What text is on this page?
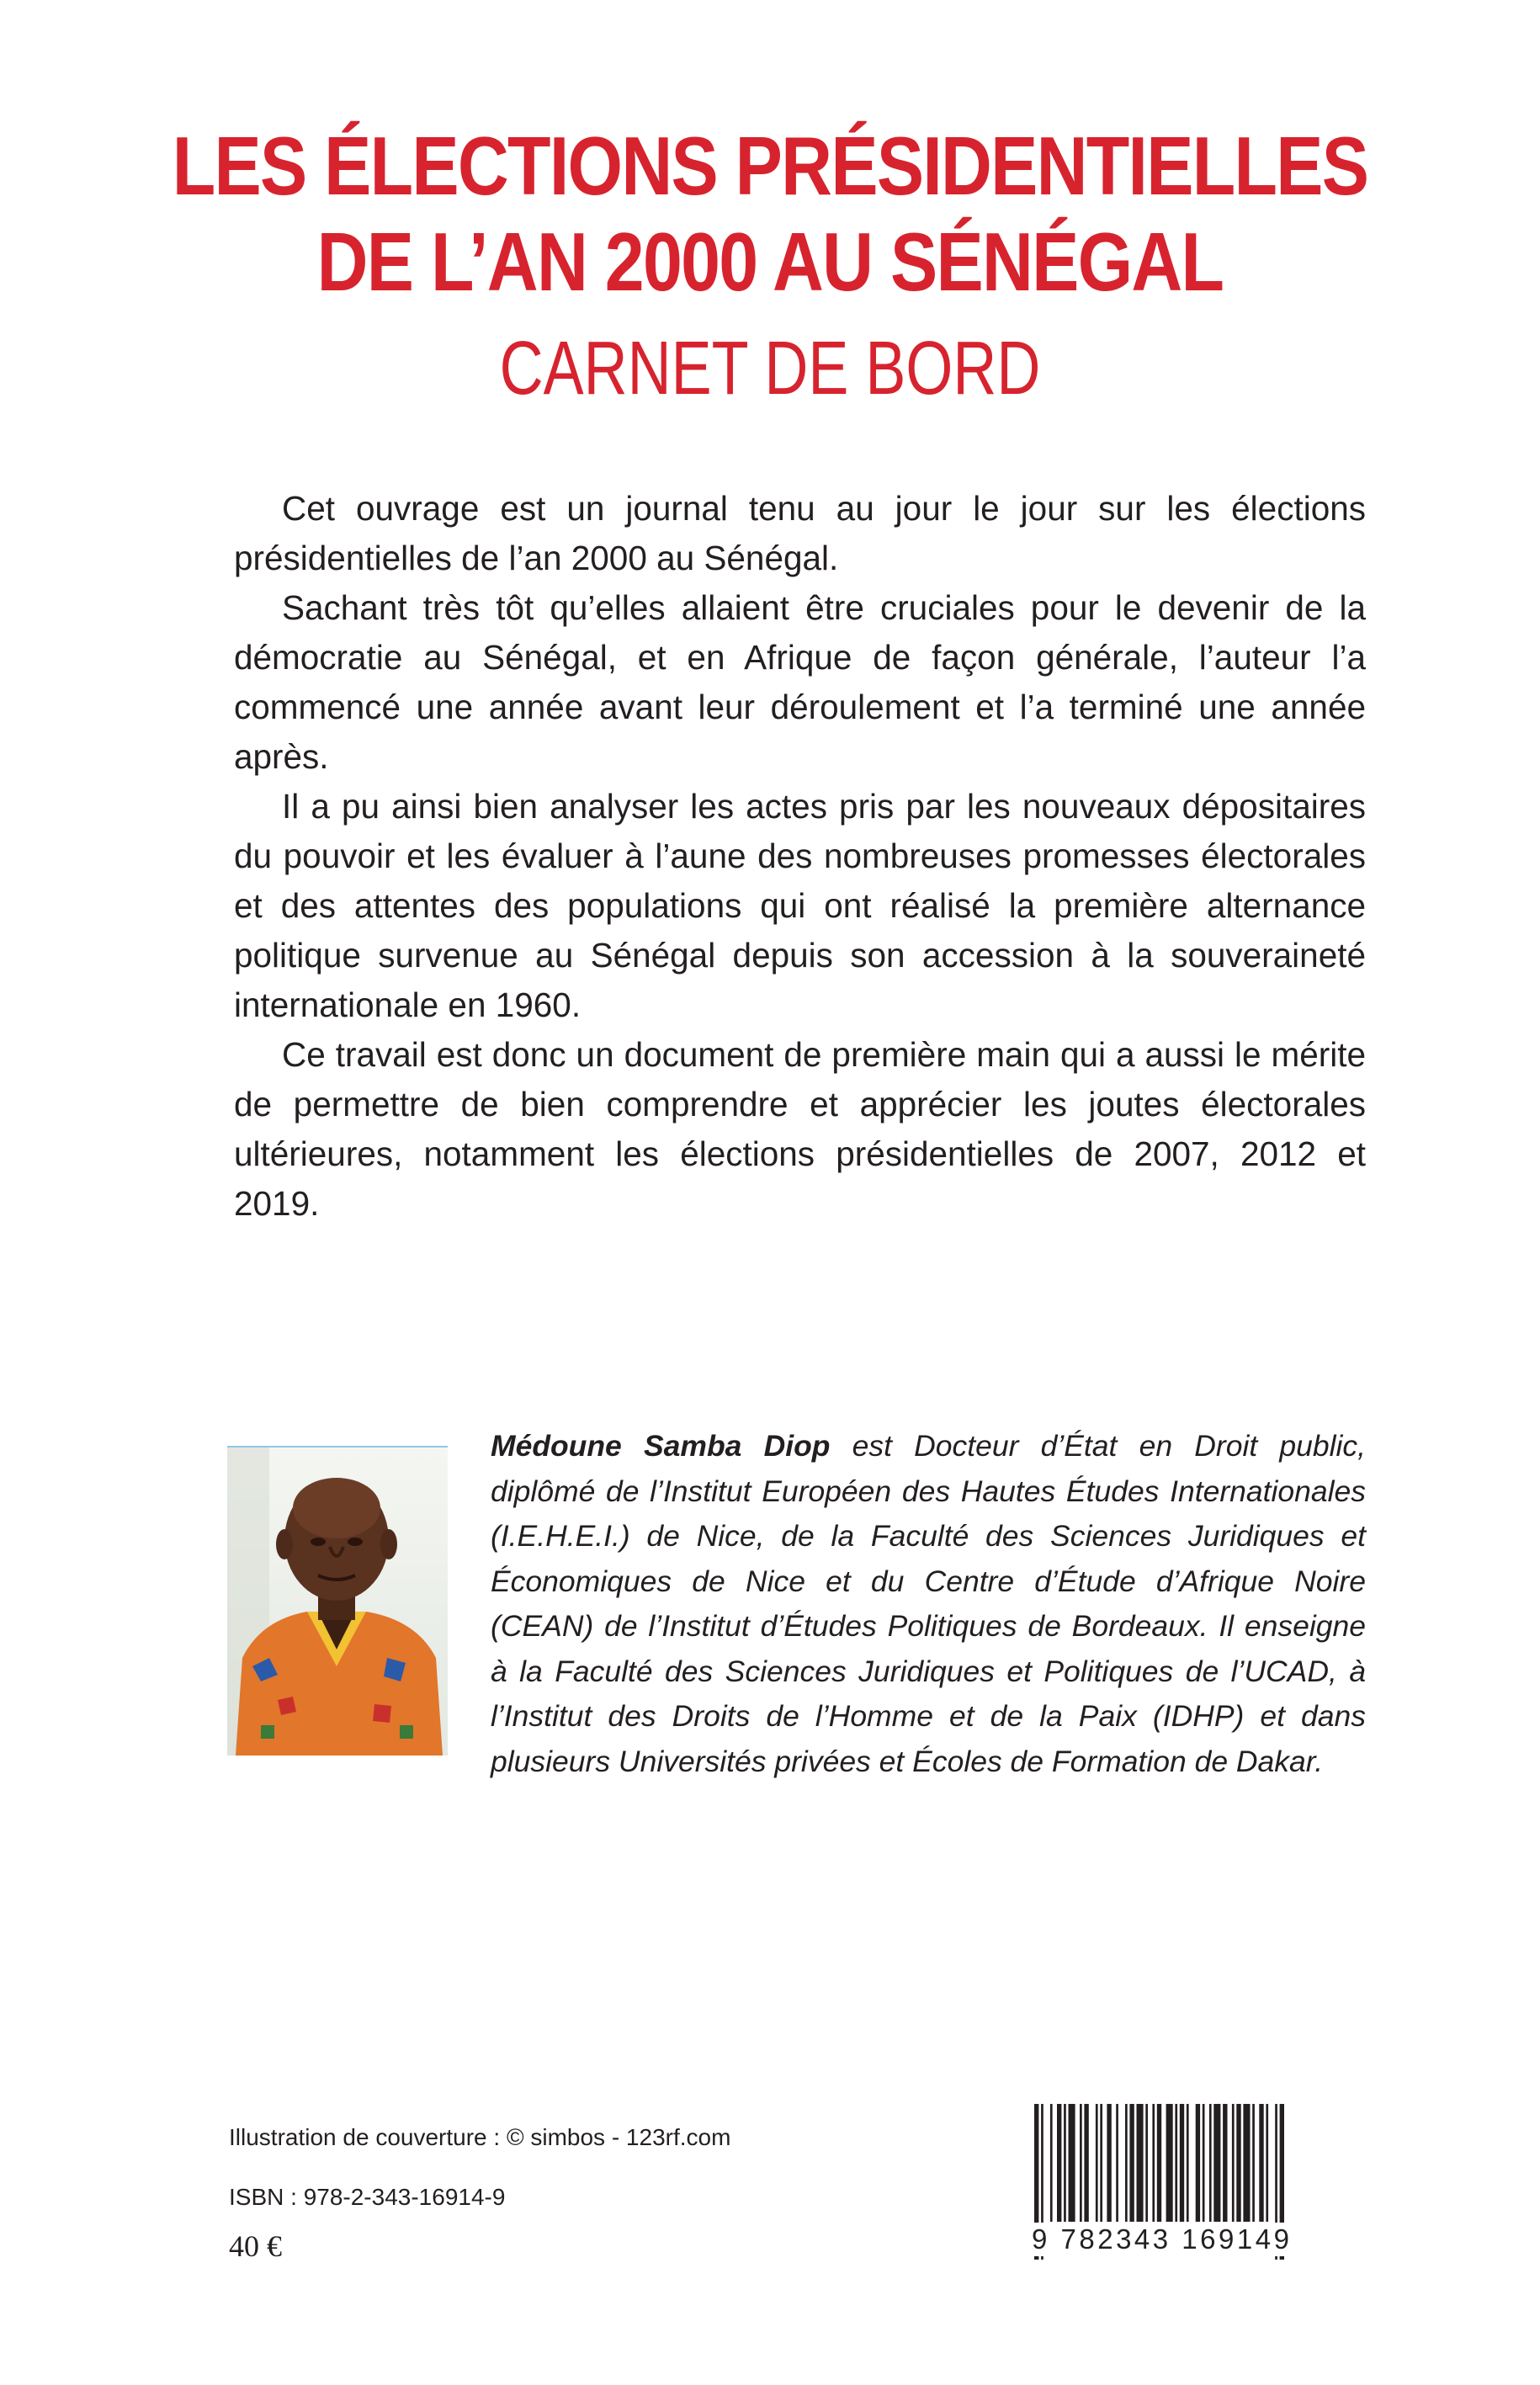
LES ÉLECTIONS PRÉSIDENTIELLES
DE L’AN 2000 AU SÉNÉGAL
CARNET DE BORD

Cet ouvrage est un journal tenu au jour le jour sur les élections présidentielles de l’an 2000 au Sénégal.

Sachant très tôt qu’elles allaient être cruciales pour le devenir de la démocratie au Sénégal, et en Afrique de façon générale, l’auteur l’a commencé une année avant leur déroulement et l’a terminé une année après.

Il a pu ainsi bien analyser les actes pris par les nouveaux dépositaires du pouvoir et les évaluer à l’aune des nombreuses promesses électorales et des attentes des populations qui ont réalisé la première alternance politique survenue au Sénégal depuis son accession à la souveraineté internationale en 1960.

Ce travail est donc un document de première main qui a aussi le mérite de permettre de bien comprendre et apprécier les joutes électorales ultérieures, notamment les élections présidentielles de 2007, 2012 et 2019.

Médoune Samba Diop est Docteur d’État en Droit public, diplômé de l’Institut Européen des Hautes Études Internationales (I.E.H.E.I.) de Nice, de la Faculté des Sciences Juridiques et Économiques de Nice et du Centre d’Étude d’Afrique Noire (CEAN) de l’Institut d’Études Politiques de Bordeaux. Il enseigne à la Faculté des Sciences Juridiques et Politiques de l’UCAD, à l’Institut des Droits de l’Homme et de la Paix (IDHP) et dans plusieurs Universités privées et Écoles de Formation de Dakar.
Illustration de couverture : © simbos - 123rf.com
ISBN : 978-2-343-16914-9
40 €	9 782343 169149
